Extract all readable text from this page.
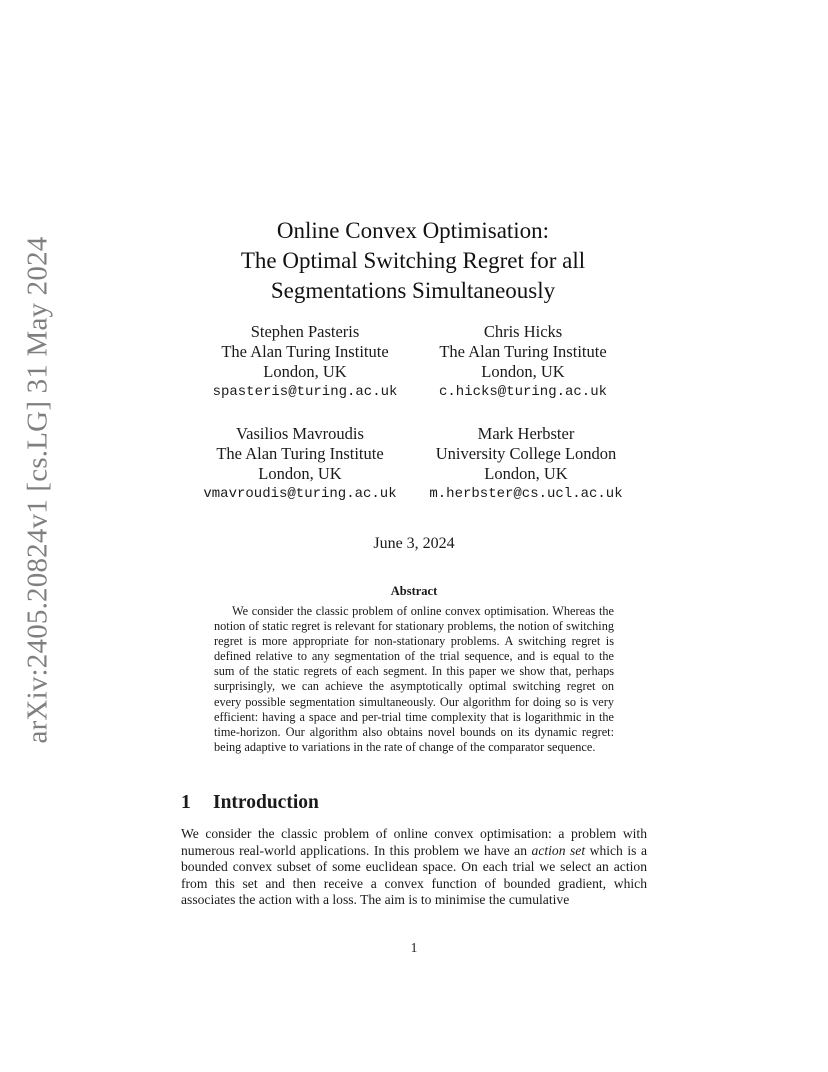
arXiv:2405.20824v1 [cs.LG] 31 May 2024
Online Convex Optimisation:
The Optimal Switching Regret for all
Segmentations Simultaneously
Stephen Pasteris
The Alan Turing Institute
London, UK
spasteris@turing.ac.uk
Chris Hicks
The Alan Turing Institute
London, UK
c.hicks@turing.ac.uk
Vasilios Mavroudis
The Alan Turing Institute
London, UK
vmavroudis@turing.ac.uk
Mark Herbster
University College London
London, UK
m.herbster@cs.ucl.ac.uk
June 3, 2024
Abstract
We consider the classic problem of online convex optimisation. Whereas the notion of static regret is relevant for stationary problems, the notion of switching regret is more appropriate for non-stationary problems. A switching regret is defined relative to any segmentation of the trial sequence, and is equal to the sum of the static regrets of each segment. In this paper we show that, perhaps surprisingly, we can achieve the asymptotically optimal switching regret on every possible segmentation simultaneously. Our algorithm for doing so is very efficient: having a space and per-trial time complexity that is logarithmic in the time-horizon. Our algorithm also obtains novel bounds on its dynamic regret: being adaptive to variations in the rate of change of the comparator sequence.
1 Introduction
We consider the classic problem of online convex optimisation: a problem with numerous real-world applications. In this problem we have an action set which is a bounded convex subset of some euclidean space. On each trial we select an action from this set and then receive a convex function of bounded gradient, which associates the action with a loss. The aim is to minimise the cumulative
1
